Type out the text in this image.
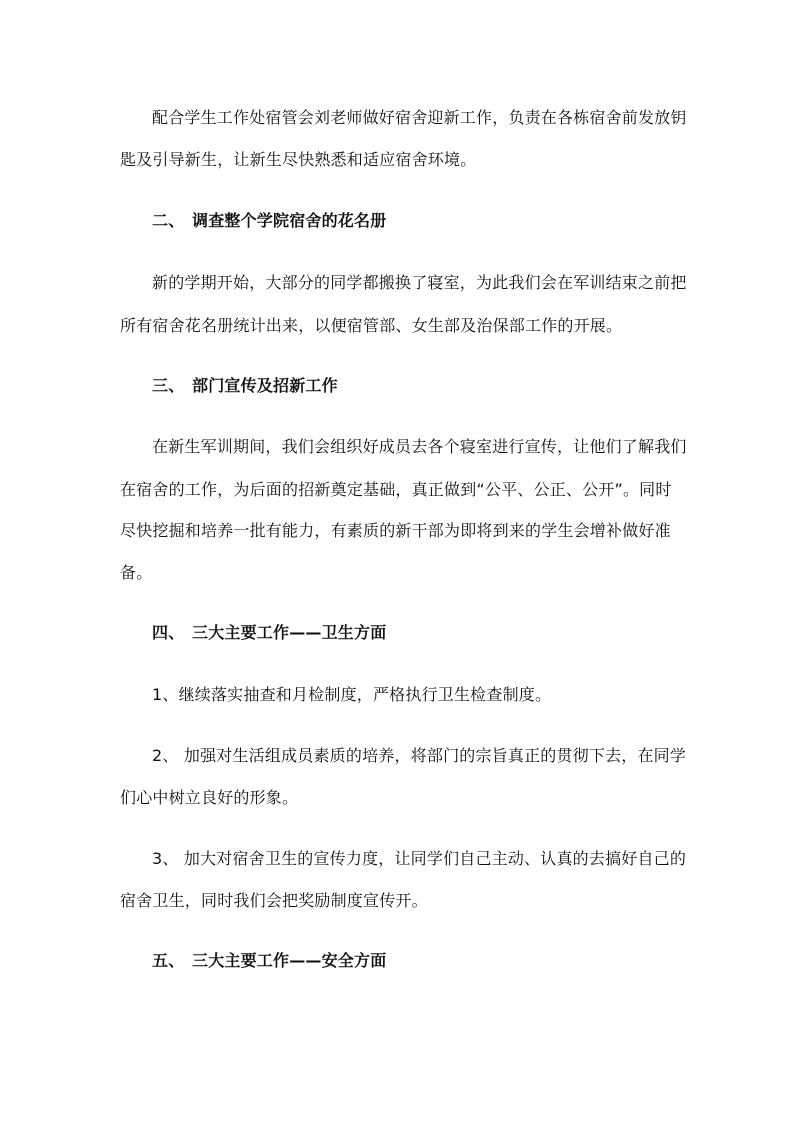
配合学生工作处宿管会刘老师做好宿舍迎新工作，负责在各栋宿舍前发放钥
匙及引导新生，让新生尽快熟悉和适应宿舍环境。
二、 调查整个学院宿舍的花名册
新的学期开始，大部分的同学都搬换了寝室，为此我们会在军训结束之前把
所有宿舍花名册统计出来，以便宿管部、女生部及治保部工作的开展。
三、 部门宣传及招新工作
在新生军训期间，我们会组织好成员去各个寝室进行宣传，让他们了解我们
在宿舍的工作，为后面的招新奠定基础，真正做到“公平、公正、公开”。同时
尽快挖掘和培养一批有能力，有素质的新干部为即将到来的学生会增补做好准
备。
四、 三大主要工作——卫生方面
1、继续落实抽查和月检制度，严格执行卫生检查制度。
2、 加强对生活组成员素质的培养，将部门的宗旨真正的贯彻下去，在同学
们心中树立良好的形象。
3、 加大对宿舍卫生的宣传力度，让同学们自己主动、认真的去搞好自己的
宿舍卫生，同时我们会把奖励制度宣传开。
五、 三大主要工作——安全方面
